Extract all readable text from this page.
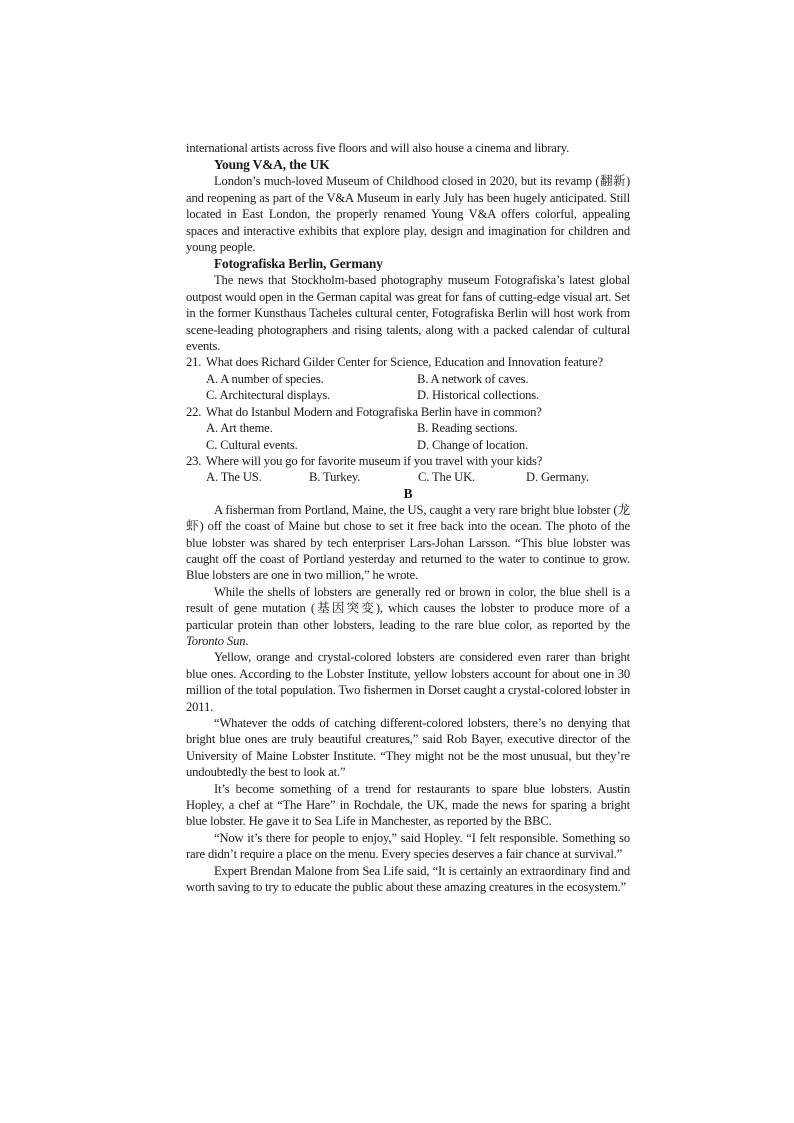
international artists across five floors and will also house a cinema and library.

Young V&A, the UK

London’s much-loved Museum of Childhood closed in 2020, but its revamp (翻新) and reopening as part of the V&A Museum in early July has been hugely anticipated. Still located in East London, the properly renamed Young V&A offers colorful, appealing spaces and interactive exhibits that explore play, design and imagination for children and young people.

Fotografiska Berlin, Germany

The news that Stockholm-based photography museum Fotografiska’s latest global outpost would open in the German capital was great for fans of cutting-edge visual art. Set in the former Kunsthaus Tacheles cultural center, Fotografiska Berlin will host work from scene-leading photographers and rising talents, along with a packed calendar of cultural events.

21. What does Richard Gilder Center for Science, Education and Innovation feature?
A. A number of species.	B. A network of caves.
C. Architectural displays.	D. Historical collections.
22. What do Istanbul Modern and Fotografiska Berlin have in common?
A. Art theme.	B. Reading sections.
C. Cultural events.	D. Change of location.
23. Where will you go for favorite museum if you travel with your kids?
A. The US.	B. Turkey.	C. The UK.	D. Germany.
B

A fisherman from Portland, Maine, the US, caught a very rare bright blue lobster (龙虾) off the coast of Maine but chose to set it free back into the ocean. The photo of the blue lobster was shared by tech enterpriser Lars-Johan Larsson. “This blue lobster was caught off the coast of Portland yesterday and returned to the water to continue to grow. Blue lobsters are one in two million,” he wrote.

While the shells of lobsters are generally red or brown in color, the blue shell is a result of gene mutation (基因突变), which causes the lobster to produce more of a particular protein than other lobsters, leading to the rare blue color, as reported by the Toronto Sun.

Yellow, orange and crystal-colored lobsters are considered even rarer than bright blue ones. According to the Lobster Institute, yellow lobsters account for about one in 30 million of the total population. Two fishermen in Dorset caught a crystal-colored lobster in 2011.

“Whatever the odds of catching different-colored lobsters, there’s no denying that bright blue ones are truly beautiful creatures,” said Rob Bayer, executive director of the University of Maine Lobster Institute. “They might not be the most unusual, but they’re undoubtedly the best to look at.”

It’s become something of a trend for restaurants to spare blue lobsters. Austin Hopley, a chef at “The Hare” in Rochdale, the UK, made the news for sparing a bright blue lobster. He gave it to Sea Life in Manchester, as reported by the BBC.

“Now it’s there for people to enjoy,” said Hopley. “I felt responsible. Something so rare didn’t require a place on the menu. Every species deserves a fair chance at survival.”

Expert Brendan Malone from Sea Life said, “It is certainly an extraordinary find and worth saving to try to educate the public about these amazing creatures in the ecosystem.”
